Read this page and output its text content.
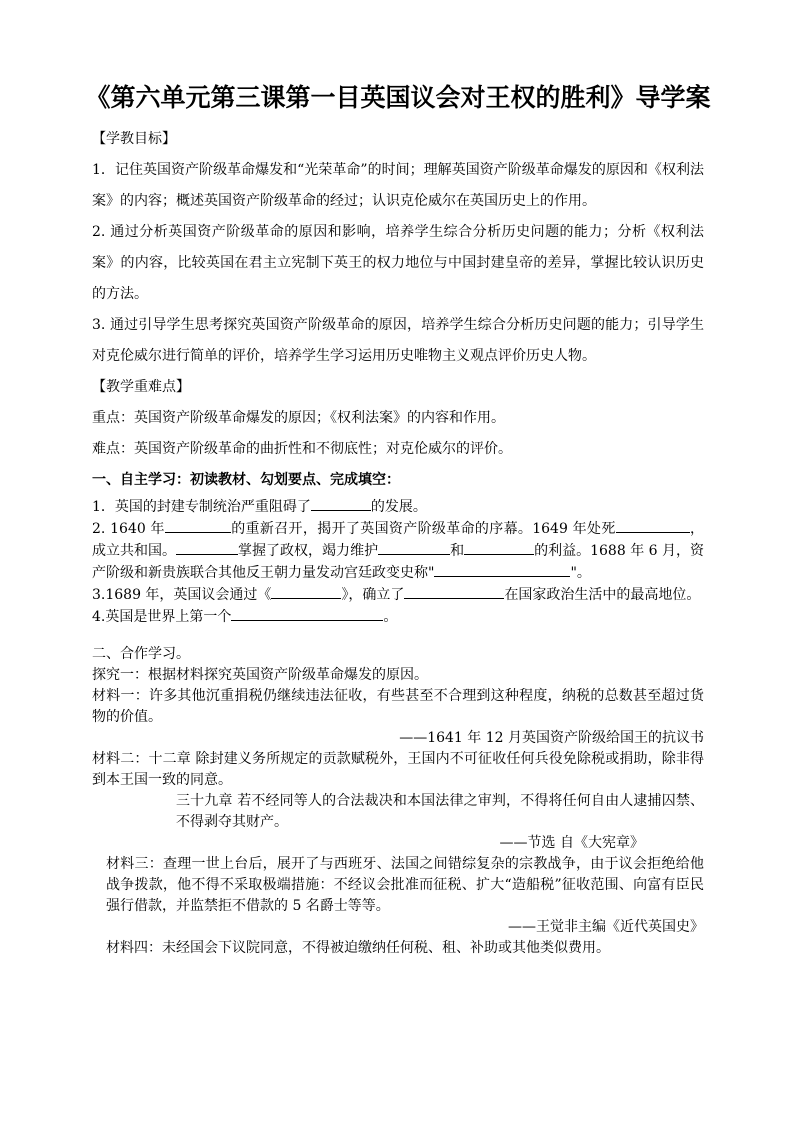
《第六单元第三课第一目英国议会对王权的胜利》导学案

【学教目标】

1．记住英国资产阶级革命爆发和“光荣革命”的时间；理解英国资产阶级革命爆发的原因和《权利法案》的内容；概述英国资产阶级革命的经过；认识克伦威尔在英国历史上的作用。

2. 通过分析英国资产阶级革命的原因和影响，培养学生综合分析历史问题的能力；分析《权利法案》的内容，比较英国在君主立宪制下英王的权力地位与中国封建皇帝的差异，掌握比较认识历史的方法。

3. 通过引导学生思考探究英国资产阶级革命的原因，培养学生综合分析历史问题的能力；引导学生对克伦威尔进行简单的评价，培养学生学习运用历史唯物主义观点评价历史人物。

【教学重难点】

重点：英国资产阶级革命爆发的原因；《权利法案》的内容和作用。

难点：英国资产阶级革命的曲折性和不彻底性；对克伦威尔的评价。

一、自主学习：初读教材、勾划要点、完成填空：

1．英国的封建专制统治严重阻碍了	的发展。

2. 1640 年	的重新召开，揭开了英国资产阶级革命的序幕。1649 年处死	，成立共和国。	掌握了政权，竭力维护	和	的利益。1688 年 6 月，资产阶级和新贵族联合其他反王朝力量发动宫廷政变史称"	"。

3.1689 年，英国议会通过《	》，确立了	在国家政治生活中的最高地位。

4.英国是世界上第一个	。

二、合作学习。

探究一：根据材料探究英国资产阶级革命爆发的原因。

材料一：许多其他沉重捐税仍继续违法征收，有些甚至不合理到这种程度，纳税的总数甚至超过货物的价值。

——1641 年 12 月英国资产阶级给国王的抗议书

材料二：十二章 除封建义务所规定的贡款赋税外，王国内不可征收任何兵役免除税或捐助，除非得到本王国一致的同意。

三十九章 若不经同等人的合法裁决和本国法律之审判，不得将任何自由人逮捕囚禁、不得剥夺其财产。

——节选 自《大宪章》

材料三：查理一世上台后，展开了与西班牙、法国之间错综复杂的宗教战争，由于议会拒绝给他战争拨款，他不得不采取极端措施：不经议会批准而征税、扩大“造船税”征收范围、向富有臣民强行借款，并监禁拒不借款的 5 名爵士等等。

——王觉非主编《近代英国史》

材料四：未经国会下议院同意，不得被迫缴纳任何税、租、补助或其他类似费用。
